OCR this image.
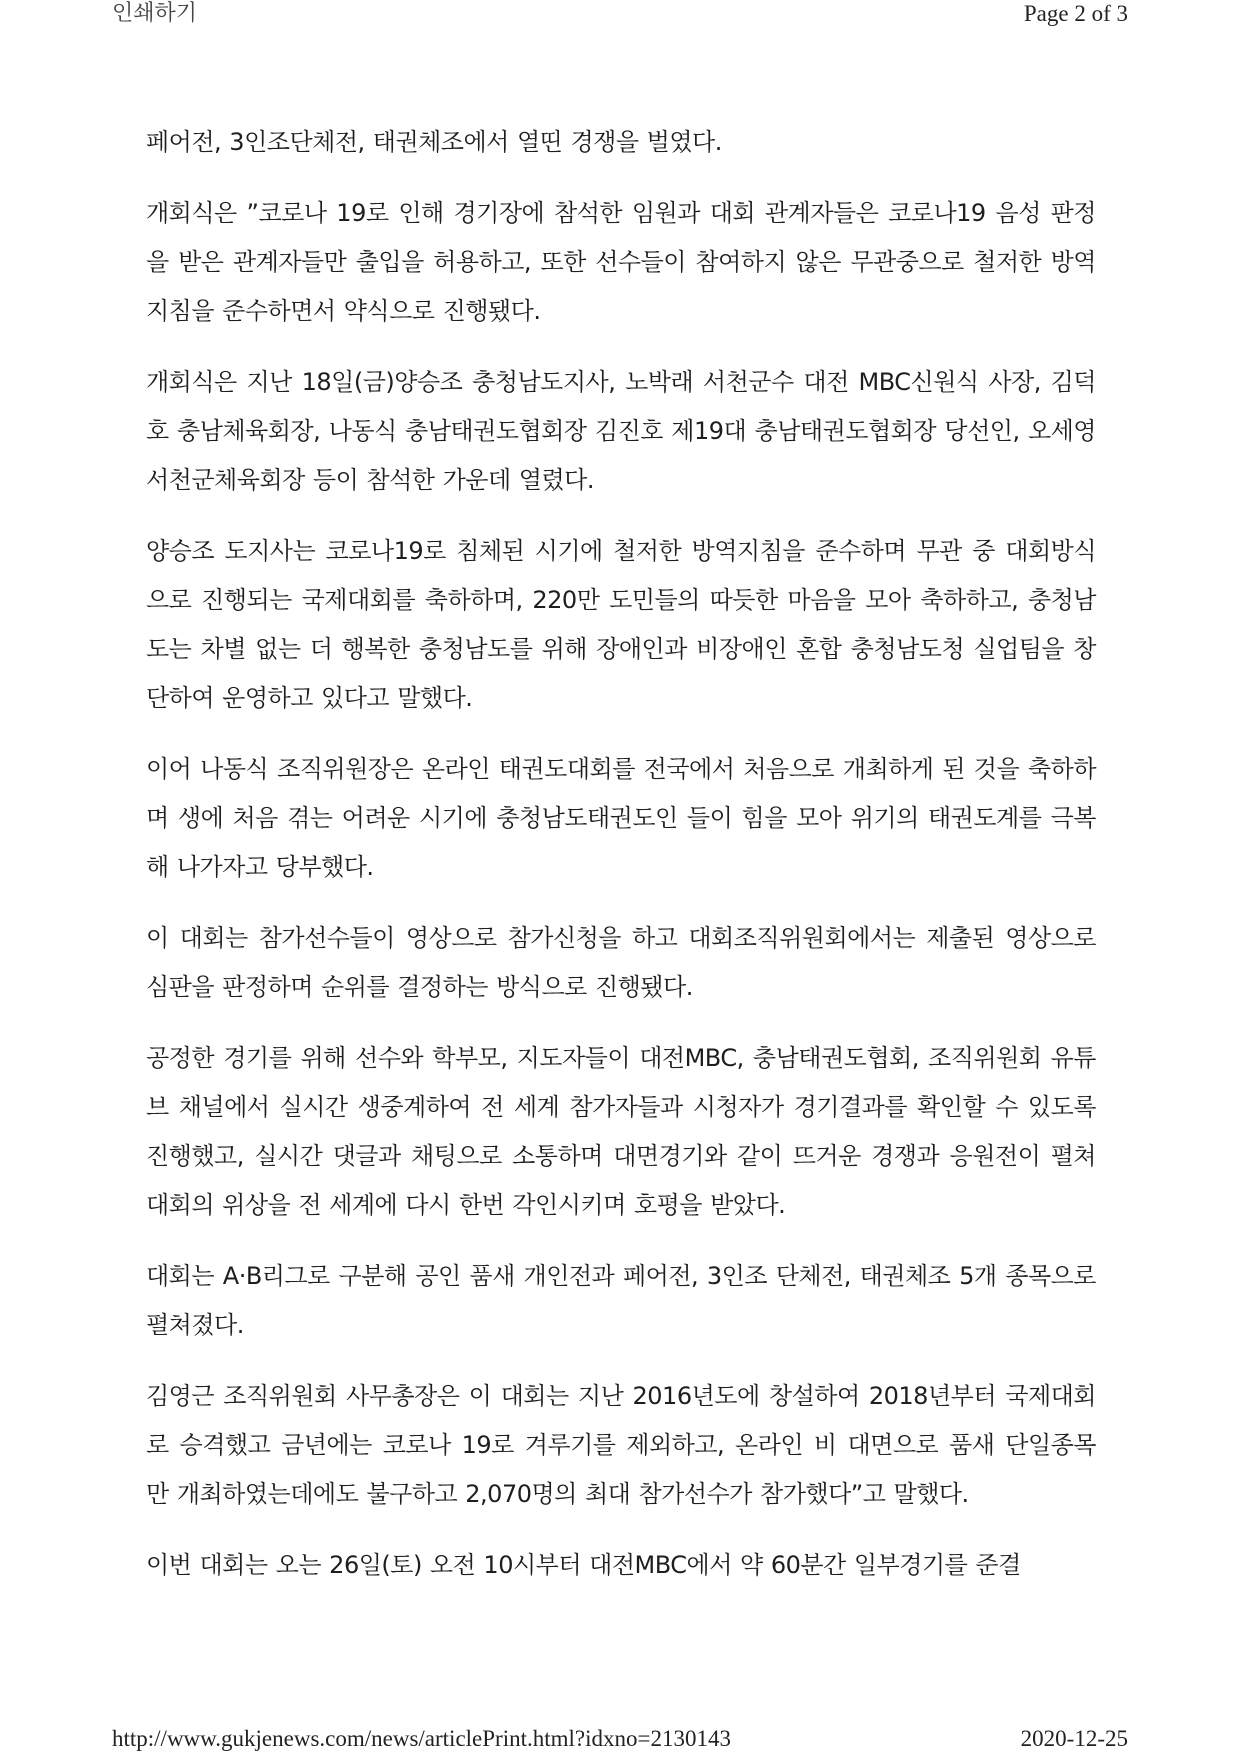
인쇄하기	Page 2 of 3

페어전, 3인조단체전, 태권체조에서 열띤 경쟁을 벌였다.

개회식은 ”코로나 19로 인해 경기장에 참석한 임원과 대회 관계자들은 코로나19 음성 판정을 받은 관계자들만 출입을 허용하고, 또한 선수들이 참여하지 않은 무관중으로 철저한 방역지침을 준수하면서 약식으로 진행됐다.

개회식은 지난 18일(금)양승조 충청남도지사, 노박래 서천군수 대전 MBC신원식 사장, 김덕호 충남체육회장, 나동식 충남태권도협회장 김진호 제19대 충남태권도협회장 당선인, 오세영 서천군체육회장 등이 참석한 가운데 열렸다.

양승조 도지사는 코로나19로 침체된 시기에 철저한 방역지침을 준수하며 무관 중 대회방식으로 진행되는 국제대회를 축하하며, 220만 도민들의 따듯한 마음을 모아 축하하고, 충청남도는 차별 없는 더 행복한 충청남도를 위해 장애인과 비장애인 혼합 충청남도청 실업팀을 창단하여 운영하고 있다고 말했다.

이어 나동식 조직위원장은 온라인 태권도대회를 전국에서 처음으로 개최하게 된 것을 축하하며 생에 처음 겪는 어려운 시기에 충청남도태권도인 들이 힘을 모아 위기의 태권도계를 극복해 나가자고 당부했다.

이 대회는 참가선수들이 영상으로 참가신청을 하고 대회조직위원회에서는 제출된 영상으로 심판을 판정하며 순위를 결정하는 방식으로 진행됐다.

공정한 경기를 위해 선수와 학부모, 지도자들이 대전MBC, 충남태권도협회, 조직위원회 유튜브 채널에서 실시간 생중계하여 전 세계 참가자들과 시청자가 경기결과를 확인할 수 있도록 진행했고, 실시간 댓글과 채팅으로 소통하며 대면경기와 같이 뜨거운 경쟁과 응원전이 펼쳐 대회의 위상을 전 세계에 다시 한번 각인시키며 호평을 받았다.

대회는 A·B리그로 구분해 공인 품새 개인전과 페어전, 3인조 단체전, 태권체조 5개 종목으로 펼쳐졌다.

김영근 조직위원회 사무총장은 이 대회는 지난 2016년도에 창설하여 2018년부터 국제대회로 승격했고 금년에는 코로나 19로 겨루기를 제외하고, 온라인 비 대면으로 품새 단일종목 만 개최하였는데에도 불구하고 2,070명의 최대 참가선수가 참가했다”고 말했다.

이번 대회는 오는 26일(토) 오전 10시부터 대전MBC에서 약 60분간 일부경기를 준결

http://www.gukjenews.com/news/articlePrint.html?idxno=2130143	2020-12-25
